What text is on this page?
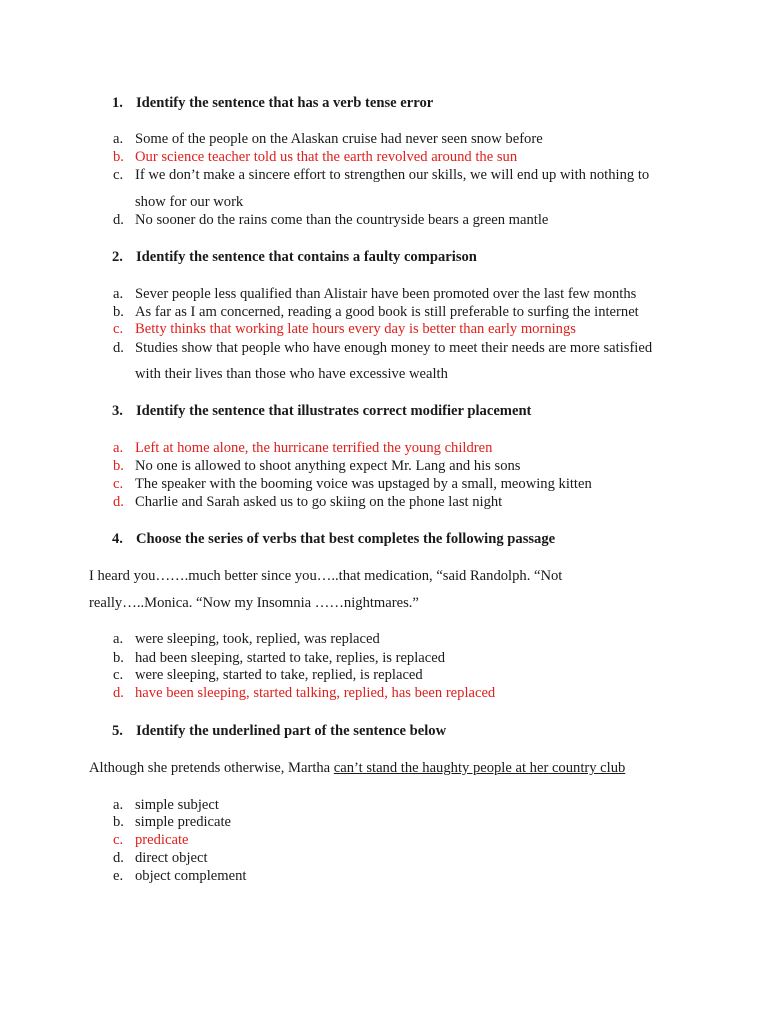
1. Identify the sentence that has a verb tense error
a. Some of the people on the Alaskan cruise had never seen snow before
b. Our science teacher told us that the earth revolved around the sun
c. If we don’t make a sincere effort to strengthen our skills, we will end up with nothing to
show for our work
d. No sooner do the rains come than the countryside bears a green mantle
2. Identify the sentence that contains a faulty comparison
a. Sever people less qualified than Alistair have been promoted over the last few months
b. As far as I am concerned, reading a good book is still preferable to surfing the internet
c. Betty thinks that working late hours every day is better than early mornings
d. Studies show that people who have enough money to meet their needs are more satisfied
with their lives than those who have excessive wealth
3. Identify the sentence that illustrates correct modifier placement
a. Left at home alone, the hurricane terrified the young children
b. No one is allowed to shoot anything expect Mr. Lang and his sons
c. The speaker with the booming voice was upstaged by a small, meowing kitten
d. Charlie and Sarah asked us to go skiing on the phone last night
4. Choose the series of verbs that best completes the following passage
I heard you…….much better since you…..that medication, “said Randolph. “Not
really…..Monica. “Now my Insomnia ……nightmares.”
a. were sleeping, took, replied, was replaced
b. had been sleeping, started to take, replies, is replaced
c. were sleeping, started to take, replied, is replaced
d. have been sleeping, started talking, replied, has been replaced
5. Identify the underlined part of the sentence below
Although she pretends otherwise, Martha can’t stand the haughty people at her country club
a. simple subject
b. simple predicate
c. predicate
d. direct object
e. object complement
